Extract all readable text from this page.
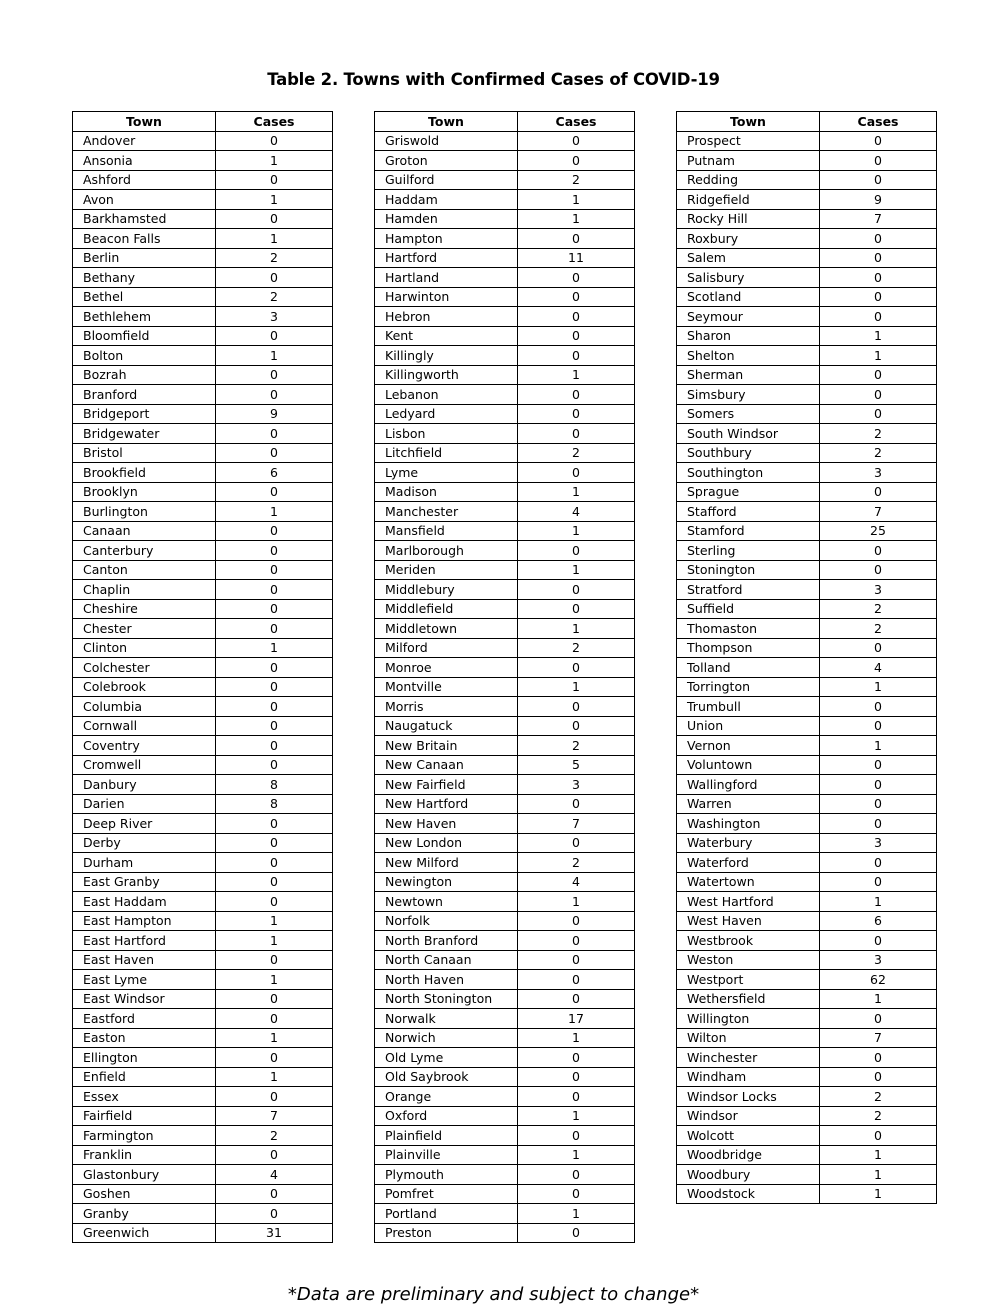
Table 2. Towns with Confirmed Cases of COVID-19
Town	Cases
Andover	0
Ansonia	1
Ashford	0
Avon	1
Barkhamsted	0
Beacon Falls	1
Berlin	2
Bethany	0
Bethel	2
Bethlehem	3
Bloomfield	0
Bolton	1
Bozrah	0
Branford	0
Bridgeport	9
Bridgewater	0
Bristol	0
Brookfield	6
Brooklyn	0
Burlington	1
Canaan	0
Canterbury	0
Canton	0
Chaplin	0
Cheshire	0
Chester	0
Clinton	1
Colchester	0
Colebrook	0
Columbia	0
Cornwall	0
Coventry	0
Cromwell	0
Danbury	8
Darien	8
Deep River	0
Derby	0
Durham	0
East Granby	0
East Haddam	0
East Hampton	1
East Hartford	1
East Haven	0
East Lyme	1
East Windsor	0
Eastford	0
Easton	1
Ellington	0
Enfield	1
Essex	0
Fairfield	7
Farmington	2
Franklin	0
Glastonbury	4
Goshen	0
Granby	0
Greenwich	31
Town	Cases
Griswold	0
Groton	0
Guilford	2
Haddam	1
Hamden	1
Hampton	0
Hartford	11
Hartland	0
Harwinton	0
Hebron	0
Kent	0
Killingly	0
Killingworth	1
Lebanon	0
Ledyard	0
Lisbon	0
Litchfield	2
Lyme	0
Madison	1
Manchester	4
Mansfield	1
Marlborough	0
Meriden	1
Middlebury	0
Middlefield	0
Middletown	1
Milford	2
Monroe	0
Montville	1
Morris	0
Naugatuck	0
New Britain	2
New Canaan	5
New Fairfield	3
New Hartford	0
New Haven	7
New London	0
New Milford	2
Newington	4
Newtown	1
Norfolk	0
North Branford	0
North Canaan	0
North Haven	0
North Stonington	0
Norwalk	17
Norwich	1
Old Lyme	0
Old Saybrook	0
Orange	0
Oxford	1
Plainfield	0
Plainville	1
Plymouth	0
Pomfret	0
Portland	1
Preston	0
Town	Cases
Prospect	0
Putnam	0
Redding	0
Ridgefield	9
Rocky Hill	7
Roxbury	0
Salem	0
Salisbury	0
Scotland	0
Seymour	0
Sharon	1
Shelton	1
Sherman	0
Simsbury	0
Somers	0
South Windsor	2
Southbury	2
Southington	3
Sprague	0
Stafford	7
Stamford	25
Sterling	0
Stonington	0
Stratford	3
Suffield	2
Thomaston	2
Thompson	0
Tolland	4
Torrington	1
Trumbull	0
Union	0
Vernon	1
Voluntown	0
Wallingford	0
Warren	0
Washington	0
Waterbury	3
Waterford	0
Watertown	0
West Hartford	1
West Haven	6
Westbrook	0
Weston	3
Westport	62
Wethersfield	1
Willington	0
Wilton	7
Winchester	0
Windham	0
Windsor Locks	2
Windsor	2
Wolcott	0
Woodbridge	1
Woodbury	1
Woodstock	1
*Data are preliminary and subject to change*
